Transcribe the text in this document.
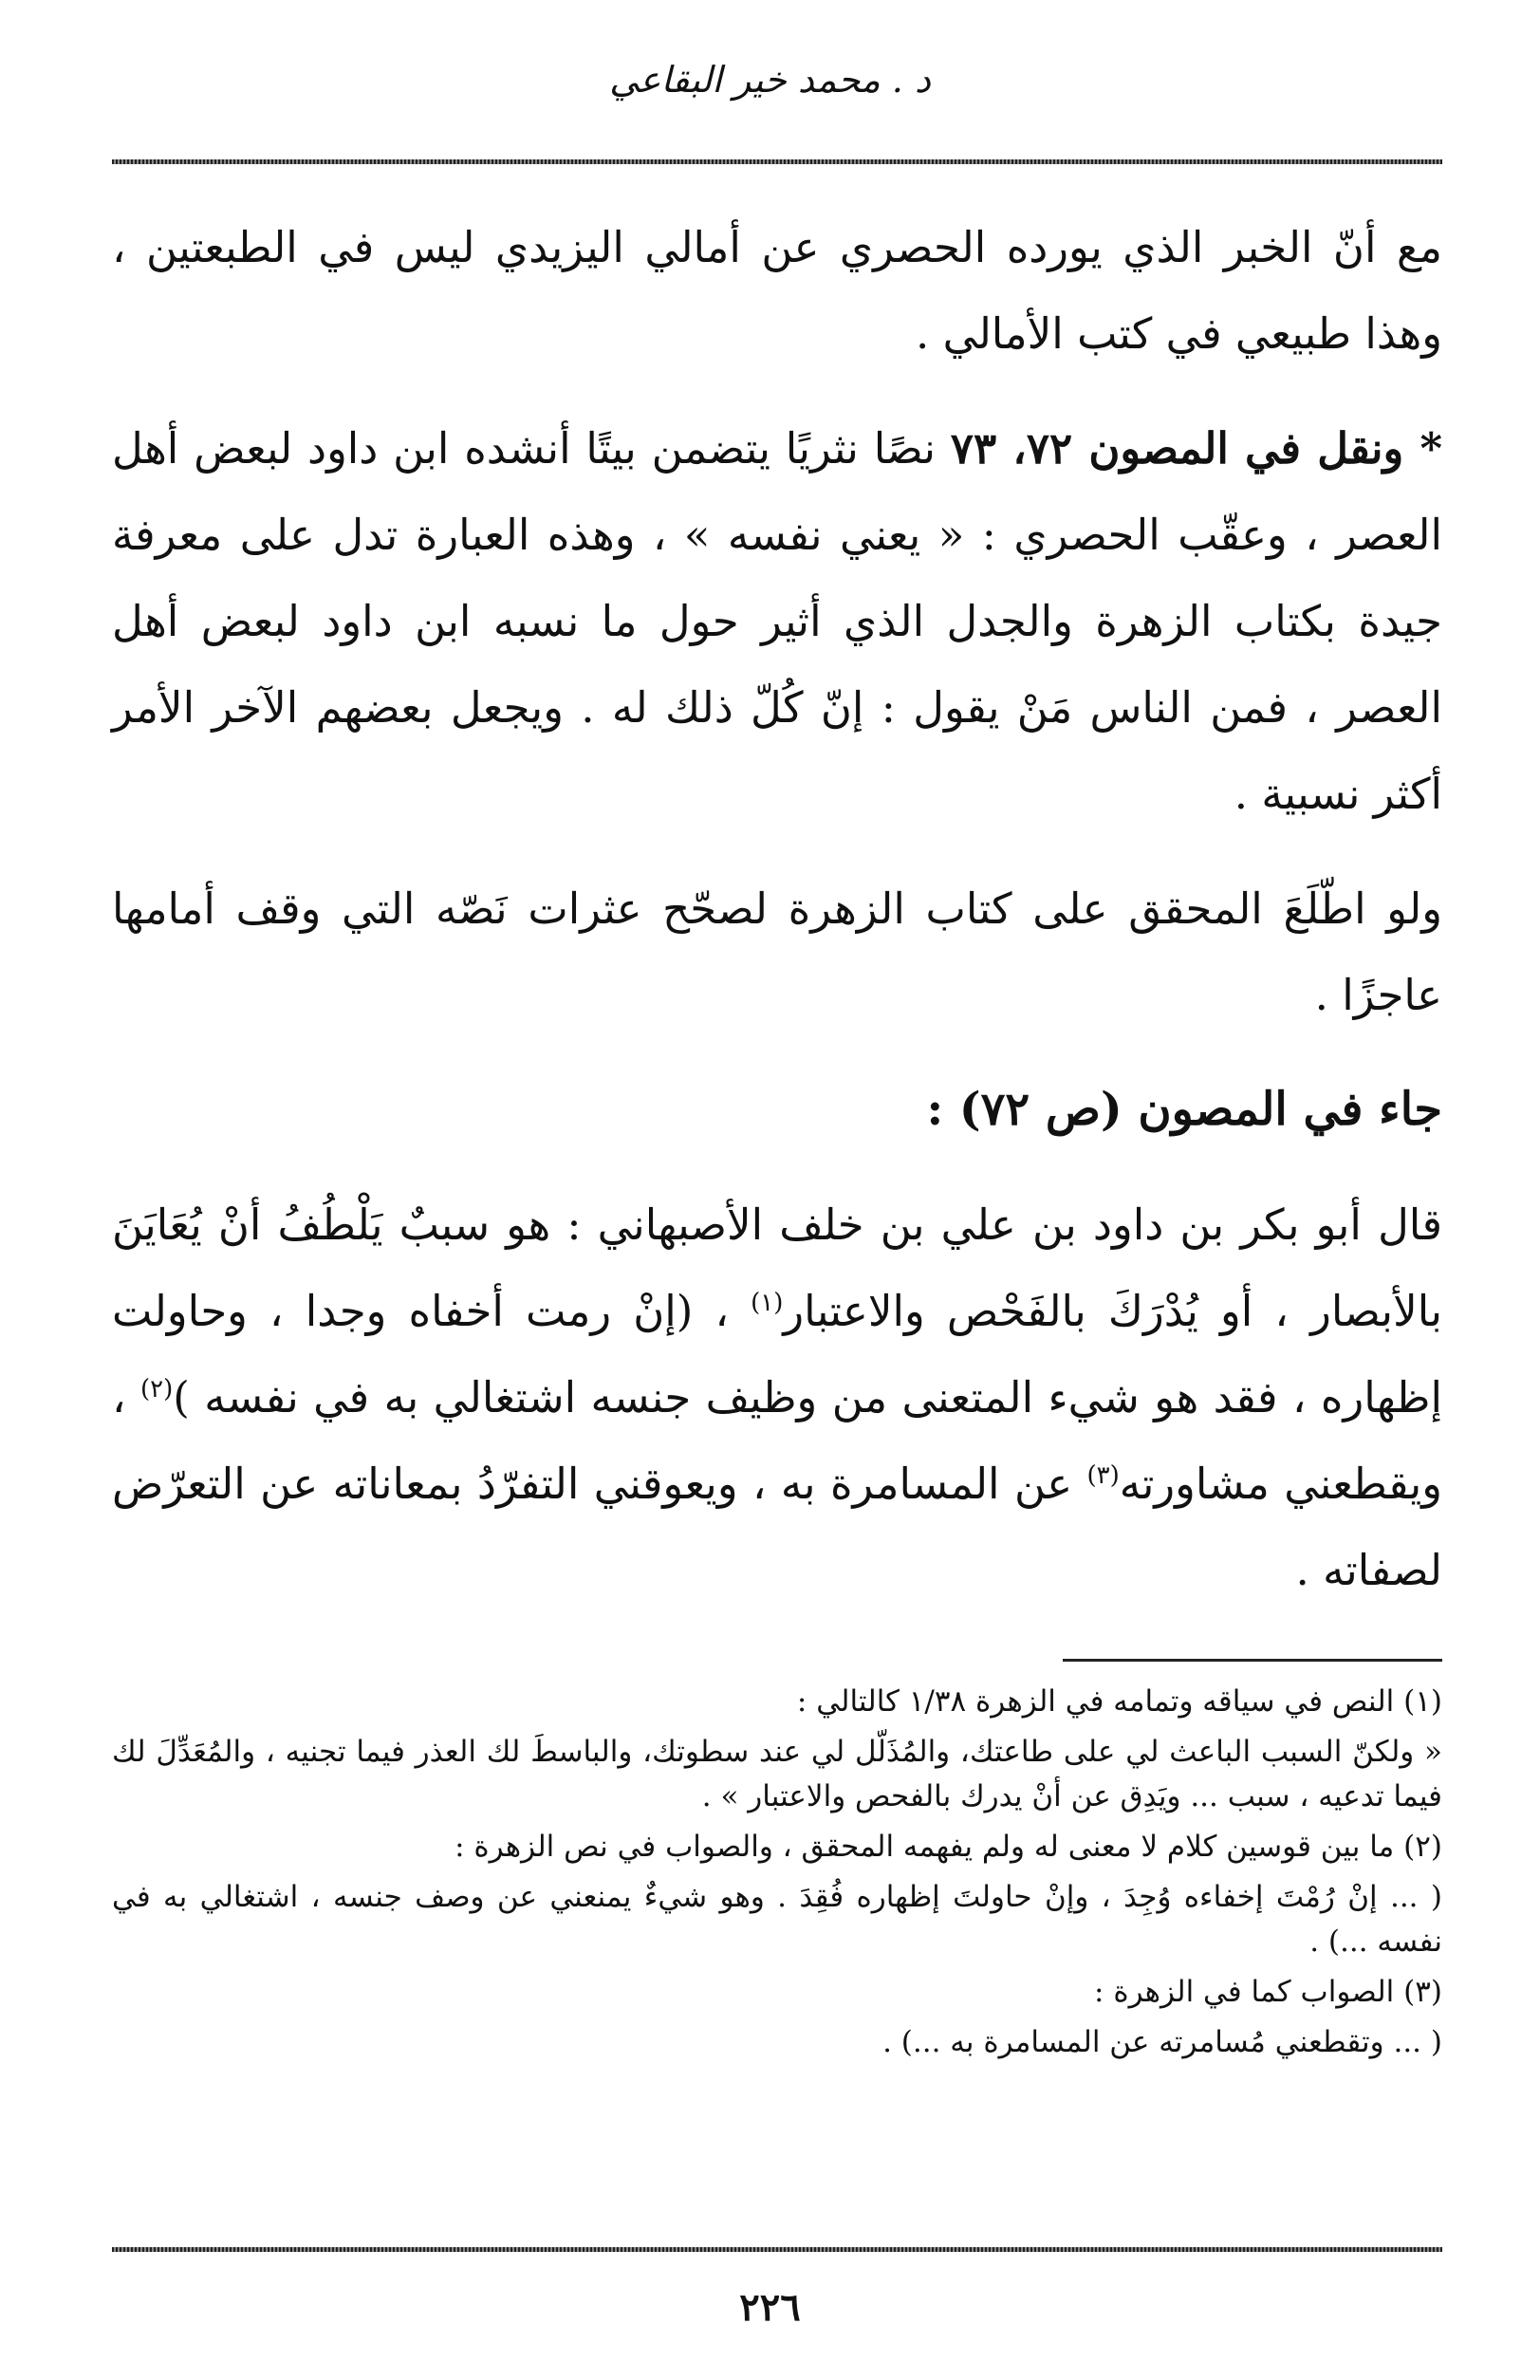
د . محمد خير البقاعي

مع أنّ الخبر الذي يورده الحصري عن أمالي اليزيدي ليس في الطبعتين ، وهذا طبيعي في كتب الأمالي .

* ونقل في المصون ٧٢، ٧٣ نصًا نثريًا يتضمن بيتًا أنشده ابن داود لبعض أهل العصر ، وعقّب الحصري : « يعني نفسه » ، وهذه العبارة تدل على معرفة جيدة بكتاب الزهرة والجدل الذي أثير حول ما نسبه ابن داود لبعض أهل العصر ، فمن الناس مَنْ يقول : إنّ كُلّ ذلك له . ويجعل بعضهم الآخر الأمر أكثر نسبية .

ولو اطّلَعَ المحقق على كتاب الزهرة لصحّح عثرات نَصّه التي وقف أمامها عاجزًا .

جاء في المصون (ص ٧٢) :

قال أبو بكر بن داود بن علي بن خلف الأصبهاني : هو سببٌ يَلْطُفُ أنْ يُعَايَنَ بالأبصار ، أو يُدْرَكَ بالفَحْص والاعتبار$^{(١)}$ ، (إنْ رمت أخفاه وجدا ، وحاولت إظهاره ، فقد هو شيء المتعنى من وظيف جنسه اشتغالي به في نفسه )$^{(٢)}$ ، ويقطعني مشاورته$^{(٣)}$ عن المسامرة به ، ويعوقني التفرّدُ بمعاناته عن التعرّض لصفاته .

(١) النص في سياقه وتمامه في الزهرة ١/٣٨ كالتالي :

« ولكنّ السبب الباعث لي على طاعتك، والمُذَلّل لي عند سطوتك، والباسطَ لك العذر فيما تجنيه ، والمُعَدِّلَ لك فيما تدعيه ، سبب ... ويَدِق عن أنْ يدرك بالفحص والاعتبار » .

(٢) ما بين قوسين كلام لا معنى له ولم يفهمه المحقق ، والصواب في نص الزهرة :

( ... إنْ رُمْتَ إخفاءه وُجِدَ ، وإنْ حاولتَ إظهاره فُقِدَ . وهو شيءٌ يمنعني عن وصف جنسه ، اشتغالي به في نفسه ...) .

(٣) الصواب كما في الزهرة :

( ... وتقطعني مُسامرته عن المسامرة به ...) .

٢٢٦
